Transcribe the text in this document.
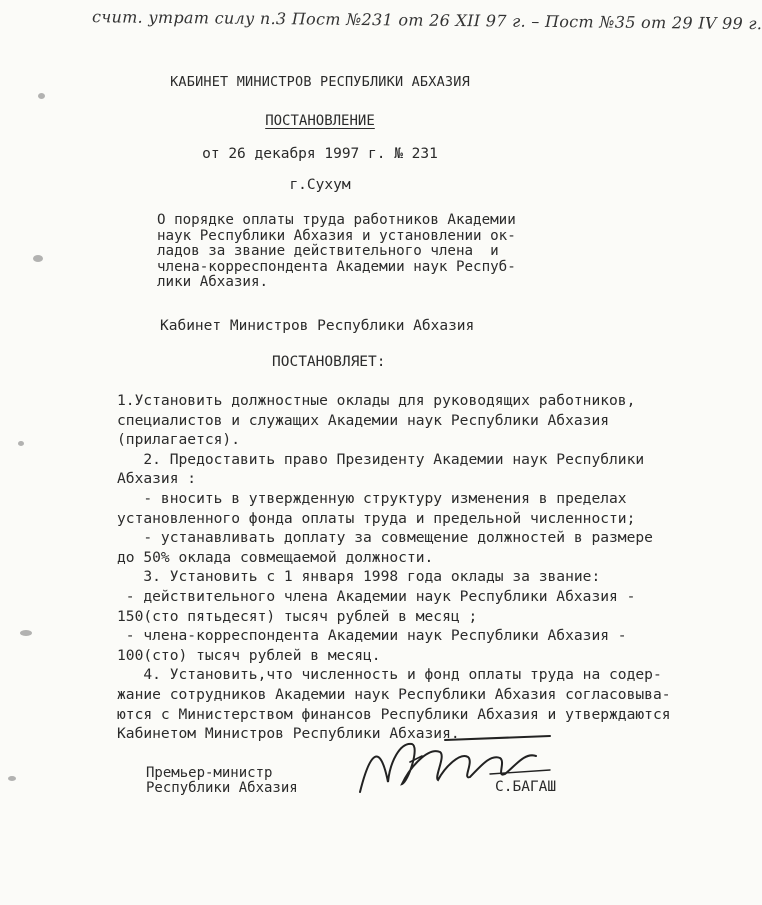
счит. утрат силу п.3 Пост №231 от 26 XII 97 г. – Пост №35 от 29 IV 99 г.
КАБИНЕТ МИНИСТРОВ РЕСПУБЛИКИ АБХАЗИЯ
ПОСТАНОВЛЕНИЕ
от 26 декабря 1997 г. № 231
г.Сухум
О порядке оплаты труда работников Академии
наук Республики Абхазия и установлении ок-
ладов за звание действительного члена  и
члена-корреспондента Академии наук Респуб-
лики Абхазия.
Кабинет Министров Республики Абхазия
ПОСТАНОВЛЯЕТ:
1.Установить должностные оклады для руководящих работников,
специалистов и служащих Академии наук Республики Абхазия
(прилагается).
2. Предоставить право Президенту Академии наук Республики
Абхазия :
- вносить в утвержденную структуру изменения в пределах
установленного фонда оплаты труда и предельной численности;
- устанавливать доплату за совмещение должностей в размере
до 50% оклада совмещаемой должности.
3. Установить с 1 января 1998 года оклады за звание:
- действительного члена Академии наук Республики Абхазия -
150(сто пятьдесят) тысяч рублей в месяц ;
- члена-корреспондента Академии наук Республики Абхазия -
100(сто) тысяч рублей в месяц.
4. Установить,что численность и фонд оплаты труда на содер-
жание сотрудников Академии наук Республики Абхазия согласовыва-
ются с Министерством финансов Республики Абхазия и утверждаются
Кабинетом Министров Республики Абхазия.
Премьер-министр
Республики Абхазия	С.БАГАШ
